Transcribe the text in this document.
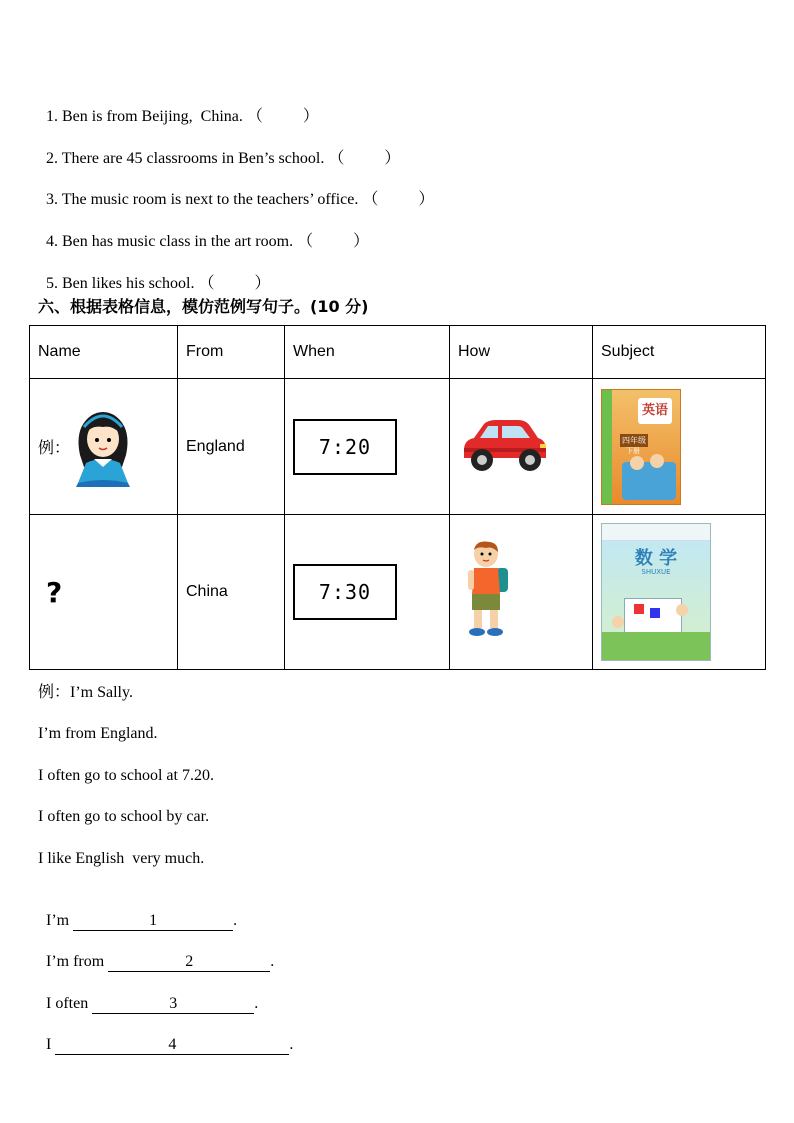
1. Ben is from Beijing,  China. （          ）

2. There are 45 classrooms in Ben’s school. （          ）

3. The music room is next to the teachers’ office. （          ）

4. Ben has music class in the art room. （          ）

5. Ben likes his school. （          ）

六、根据表格信息，模仿范例写句子。(10 分)
Name	From	When	How	Subject

例：	England	7:20		英语
四年级
下册

?	China	7:30		数 学
SHUXUE
例：I’m Sally.
I’m from England.
I often go to school at 7.20.
I often go to school by car.
I like English  very much.

I’m	1	.

I’m from	2	.

I often	3	.

I	4	.
